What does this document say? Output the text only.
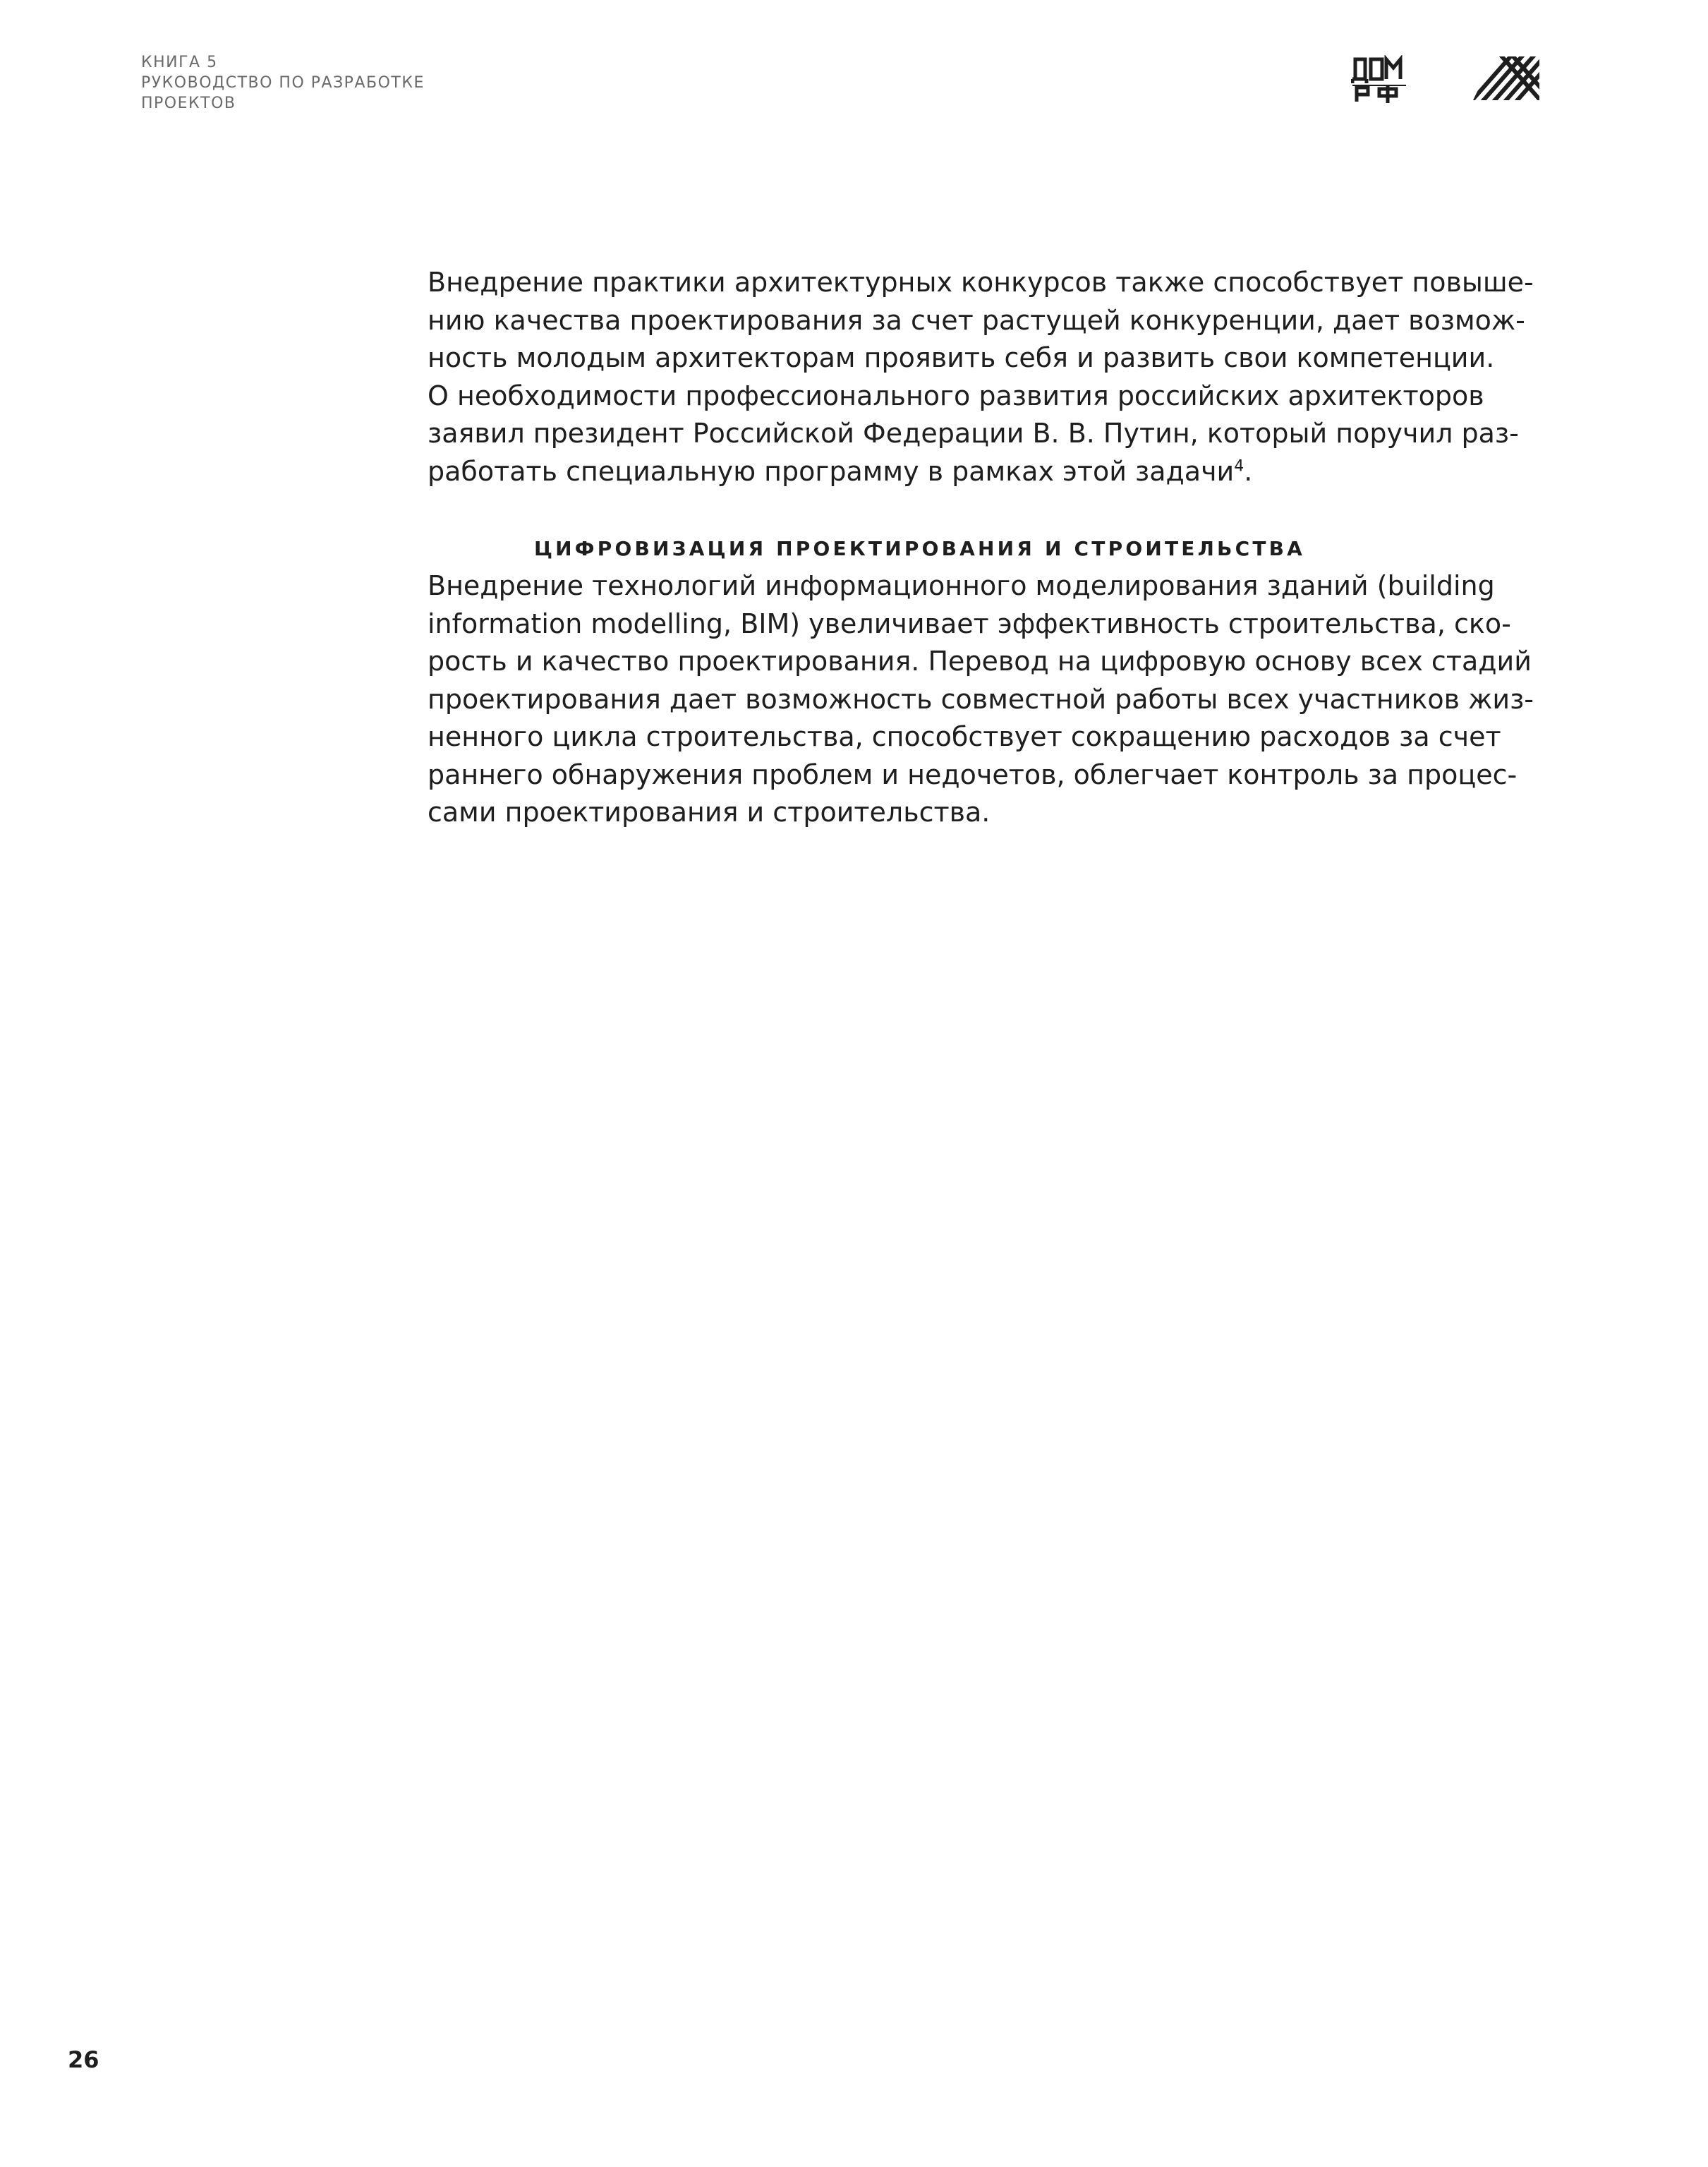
КНИГА 5
РУКОВОДСТВО ПО РАЗРАБОТКЕ
ПРОЕКТОВ

Внедрение практики архитектурных конкурсов также способствует повыше-
нию качества проектирования за счет растущей конкуренции, дает возмож-
ность молодым архитекторам проявить себя и развить свои компетенции.
О необходимости профессионального развития российских архитекторов
заявил президент Российской Федерации В. В. Путин, который поручил раз-
работать специальную программу в рамках этой задачи$^4$.

ЦИФРОВИЗАЦИЯ ПРОЕКТИРОВАНИЯ И СТРОИТЕЛЬСТВА

Внедрение технологий информационного моделирования зданий (building
information modelling, BIM) увеличивает эффективность строительства, ско-
рость и качество проектирования. Перевод на цифровую основу всех стадий
проектирования дает возможность совместной работы всех участников жиз-
ненного цикла строительства, способствует сокращению расходов за счет
раннего обнаружения проблем и недочетов, облегчает контроль за процес-
сами проектирования и строительства.

26
